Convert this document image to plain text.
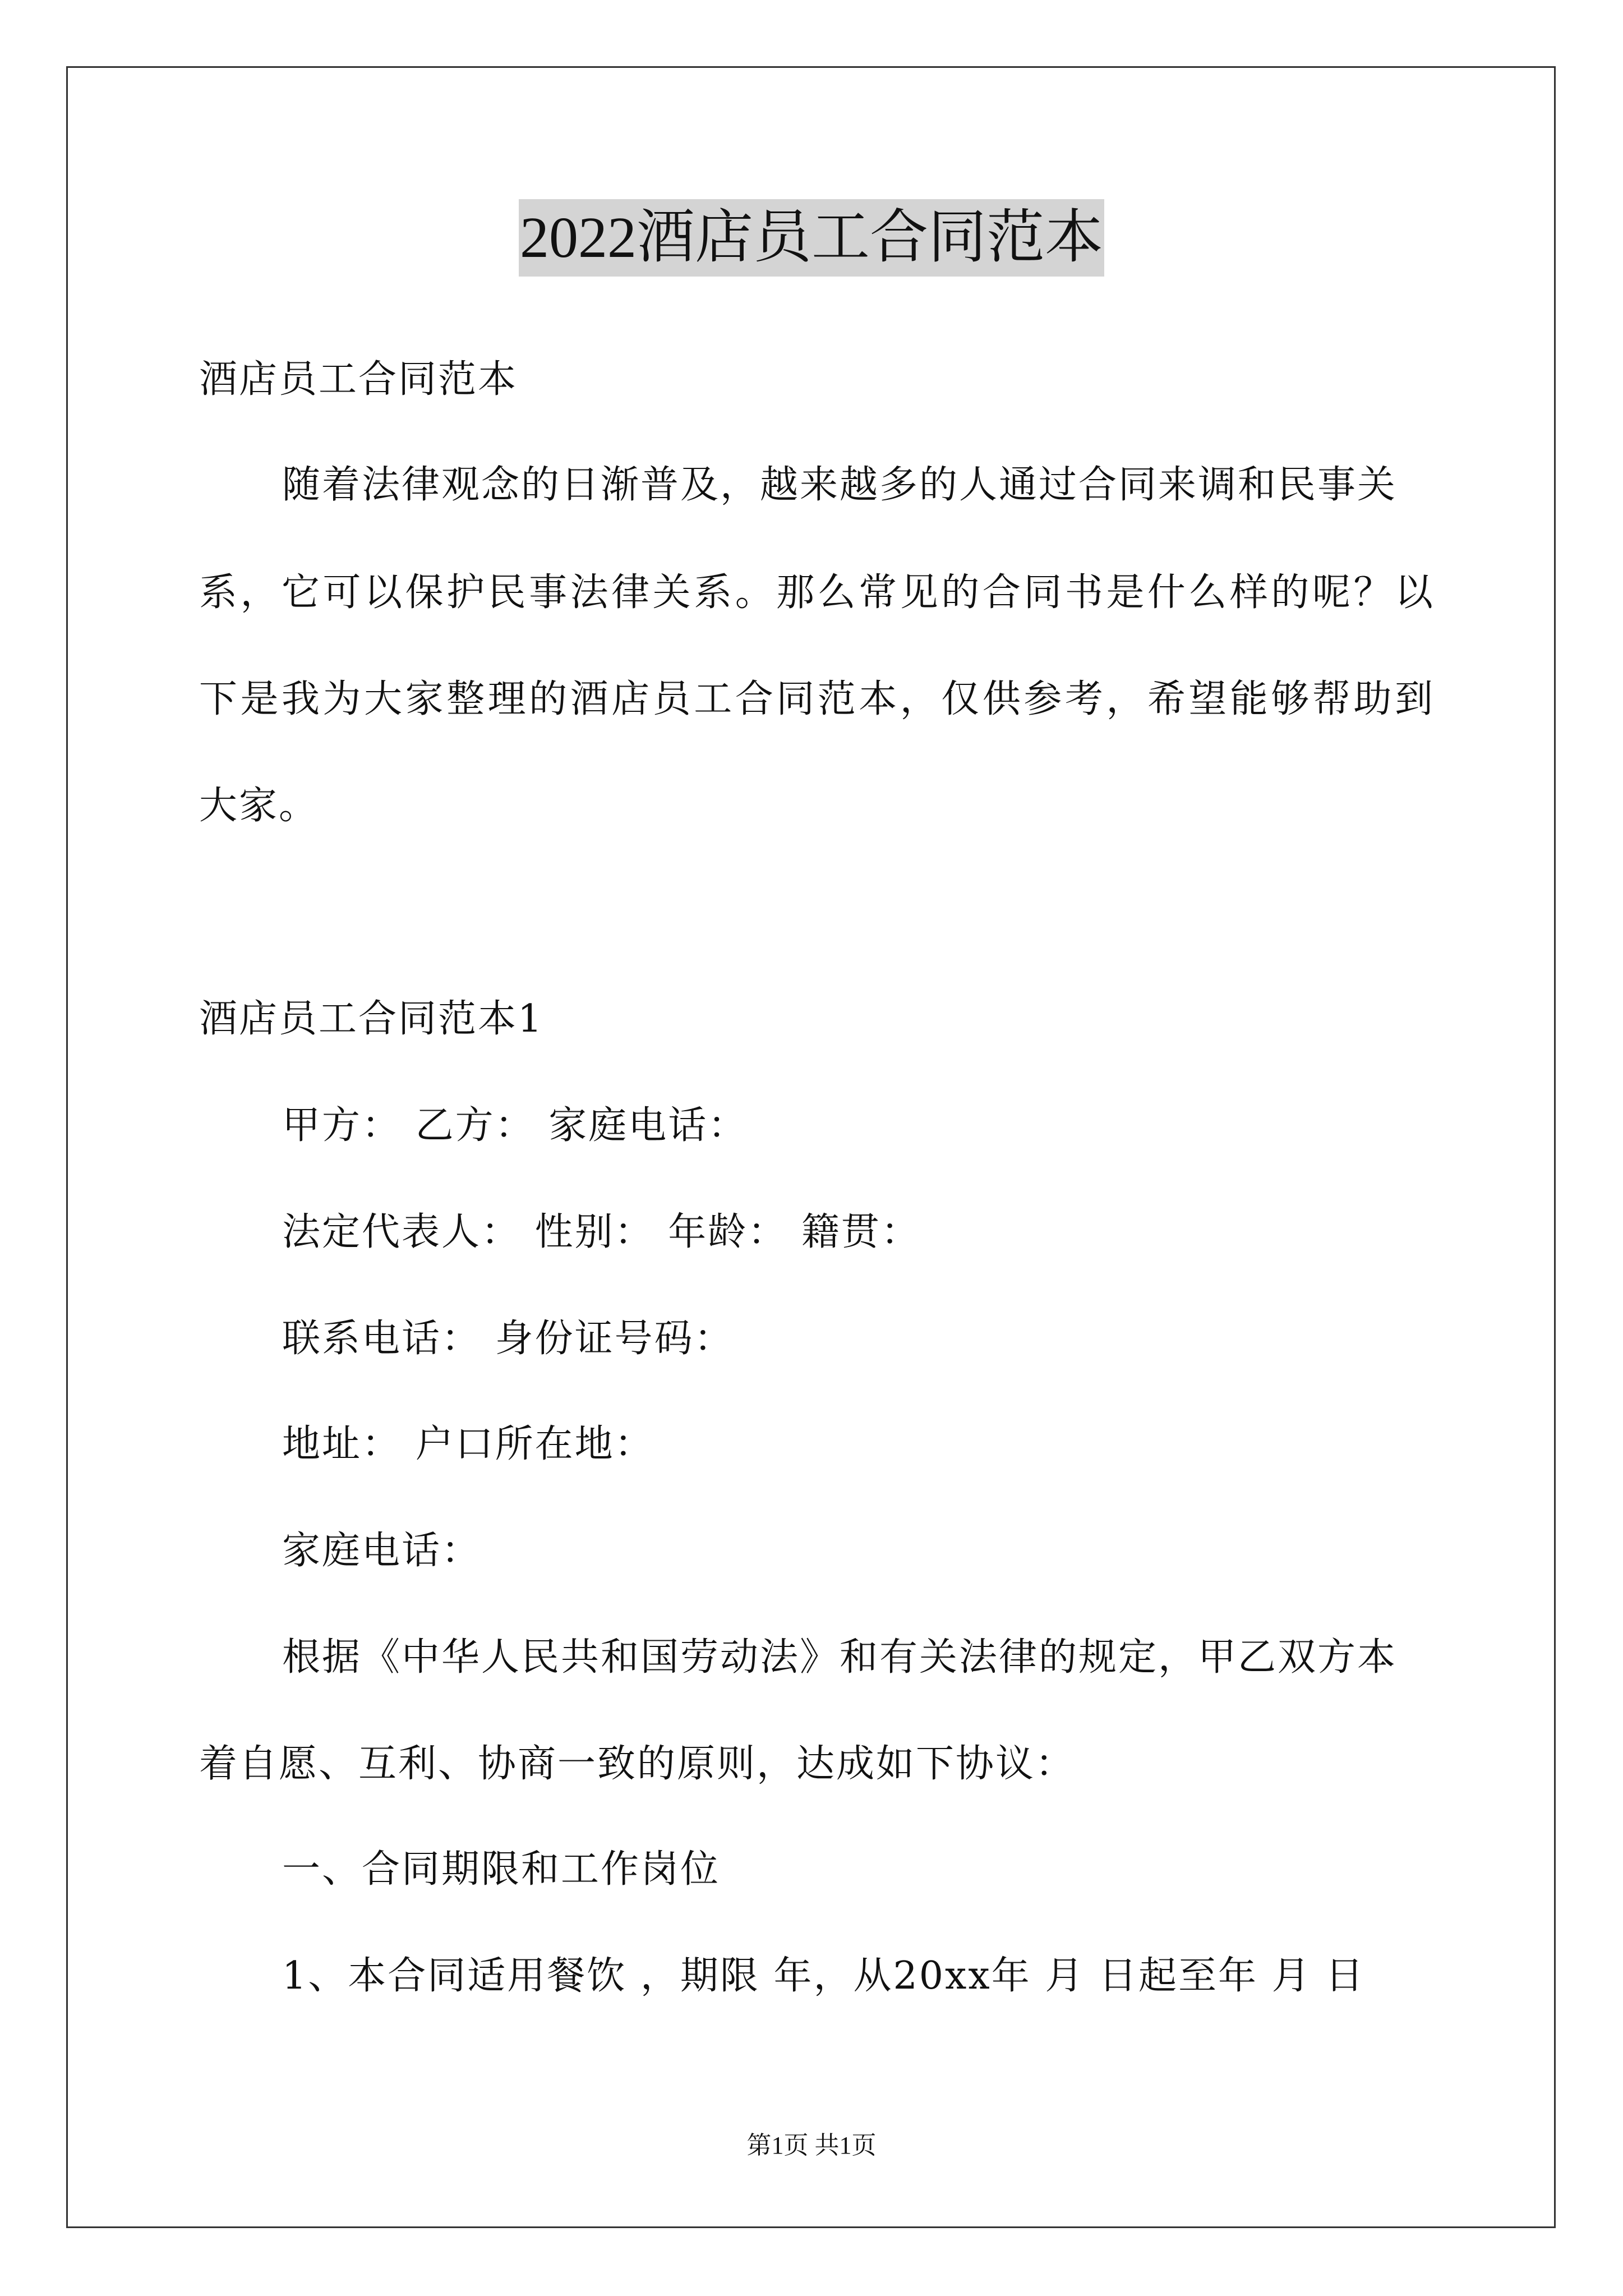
2022酒店员工合同范本
酒店员工合同范本
随着法律观念的日渐普及，越来越多的人通过合同来调和民事关
系，它可以保护民事法律关系。那么常见的合同书是什么样的呢？以
下是我为大家整理的酒店员工合同范本，仅供参考，希望能够帮助到
大家。
酒店员工合同范本1
甲方： 乙方： 家庭电话：
法定代表人： 性别： 年龄： 籍贯：
联系电话： 身份证号码：
地址： 户口所在地：
家庭电话：
根据《中华人民共和国劳动法》和有关法律的规定，甲乙双方本
着自愿、互利、协商一致的原则，达成如下协议：
一、合同期限和工作岗位
1、本合同适用餐饮 ，期限 年，从20xx年 月 日起至年 月 日
第1页 共1页
